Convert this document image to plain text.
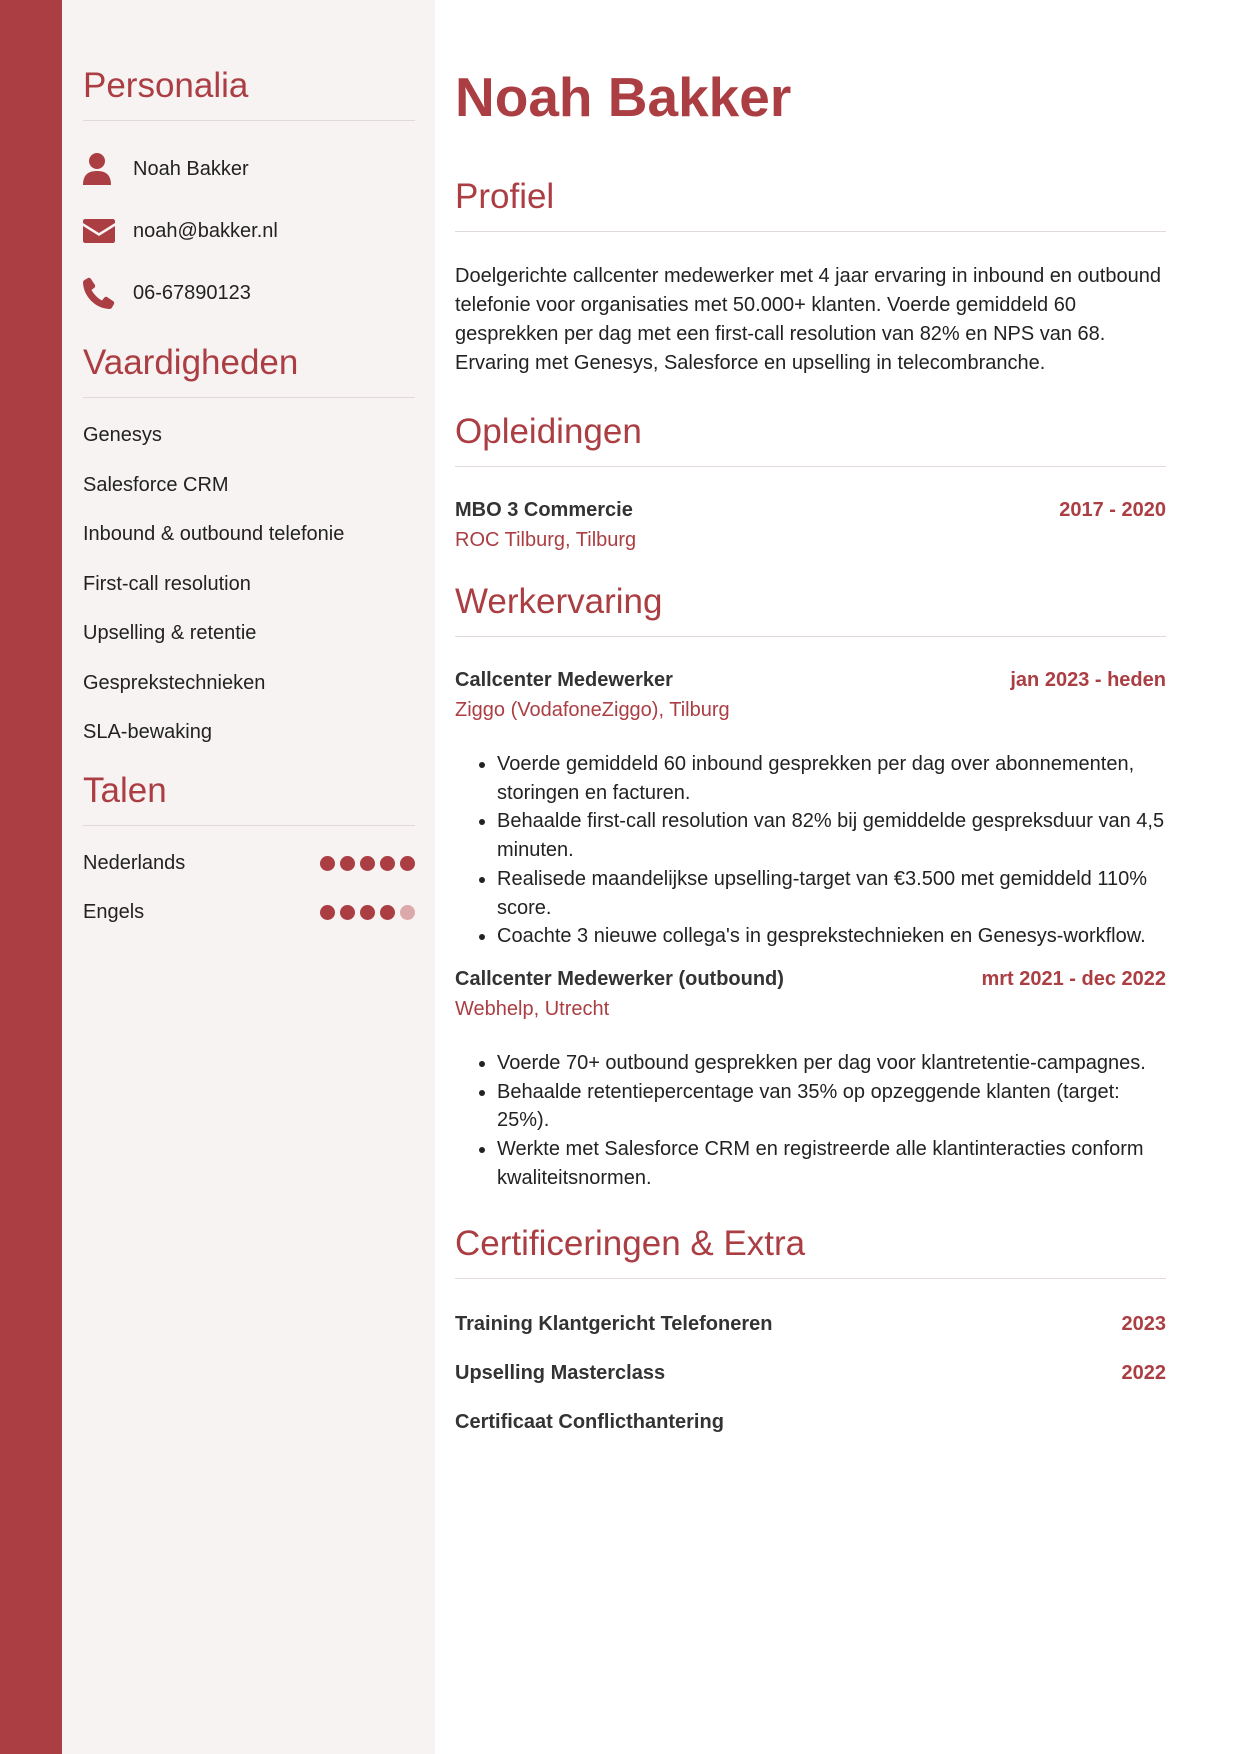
Personalia
Noah Bakker
noah@bakker.nl
06-67890123
Vaardigheden
Genesys
Salesforce CRM
Inbound & outbound telefonie
First-call resolution
Upselling & retentie
Gesprekstechnieken
SLA-bewaking
Talen
Nederlands
Engels
Noah Bakker
Profiel

Doelgerichte callcenter medewerker met 4 jaar ervaring in inbound en outbound telefonie voor organisaties met 50.000+ klanten. Voerde gemiddeld 60 gesprekken per dag met een first-call resolution van 82% en NPS van 68. Ervaring met Genesys, Salesforce en upselling in telecombranche.

Opleidingen
MBO 3 Commercie	2017 - 2020
ROC Tilburg, Tilburg
Werkervaring
Callcenter Medewerker	jan 2023 - heden
Ziggo (VodafoneZiggo), Tilburg
• Voerde gemiddeld 60 inbound gesprekken per dag over abonnementen, storingen en facturen.
• Behaalde first-call resolution van 82% bij gemiddelde gespreksduur van 4,5 minuten.
• Realisede maandelijkse upselling-target van €3.500 met gemiddeld 110% score.
• Coachte 3 nieuwe collega's in gesprekstechnieken en Genesys-workflow.
Callcenter Medewerker (outbound)	mrt 2021 - dec 2022
Webhelp, Utrecht
• Voerde 70+ outbound gesprekken per dag voor klantretentie-campagnes.
• Behaalde retentiepercentage van 35% op opzeggende klanten (target: 25%).
• Werkte met Salesforce CRM en registreerde alle klantinteracties conform kwaliteitsnormen.
Certificeringen & Extra
Training Klantgericht Telefoneren	2023
Upselling Masterclass	2022
Certificaat Conflicthantering
